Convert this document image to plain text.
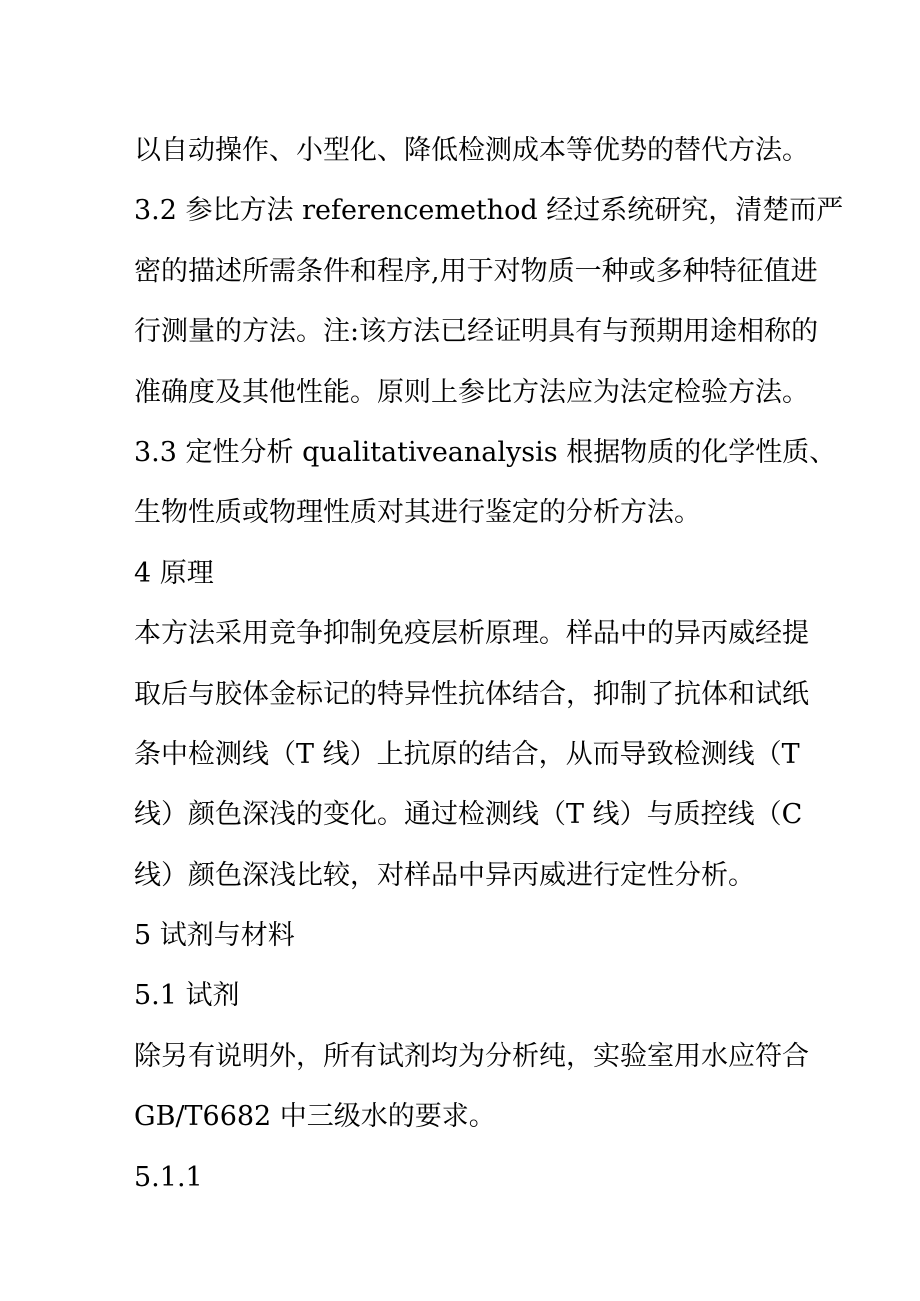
以自动操作、小型化、降低检测成本等优势的替代方法。
3.2 参比方法 referencemethod 经过系统研究，清楚而严
密的描述所需条件和程序,用于对物质一种或多种特征值进
行测量的方法。注:该方法已经证明具有与预期用途相称的
准确度及其他性能。原则上参比方法应为法定检验方法。
3.3 定性分析 qualitativeanalysis 根据物质的化学性质、
生物性质或物理性质对其进行鉴定的分析方法。
4 原理
本方法采用竞争抑制免疫层析原理。样品中的异丙威经提
取后与胶体金标记的特异性抗体结合，抑制了抗体和试纸
条中检测线（T 线）上抗原的结合，从而导致检测线（T
线）颜色深浅的变化。通过检测线（T 线）与质控线（C
线）颜色深浅比较，对样品中异丙威进行定性分析。
5 试剂与材料
5.1 试剂
除另有说明外，所有试剂均为分析纯，实验室用水应符合
GB/T6682 中三级水的要求。
5.1.1
